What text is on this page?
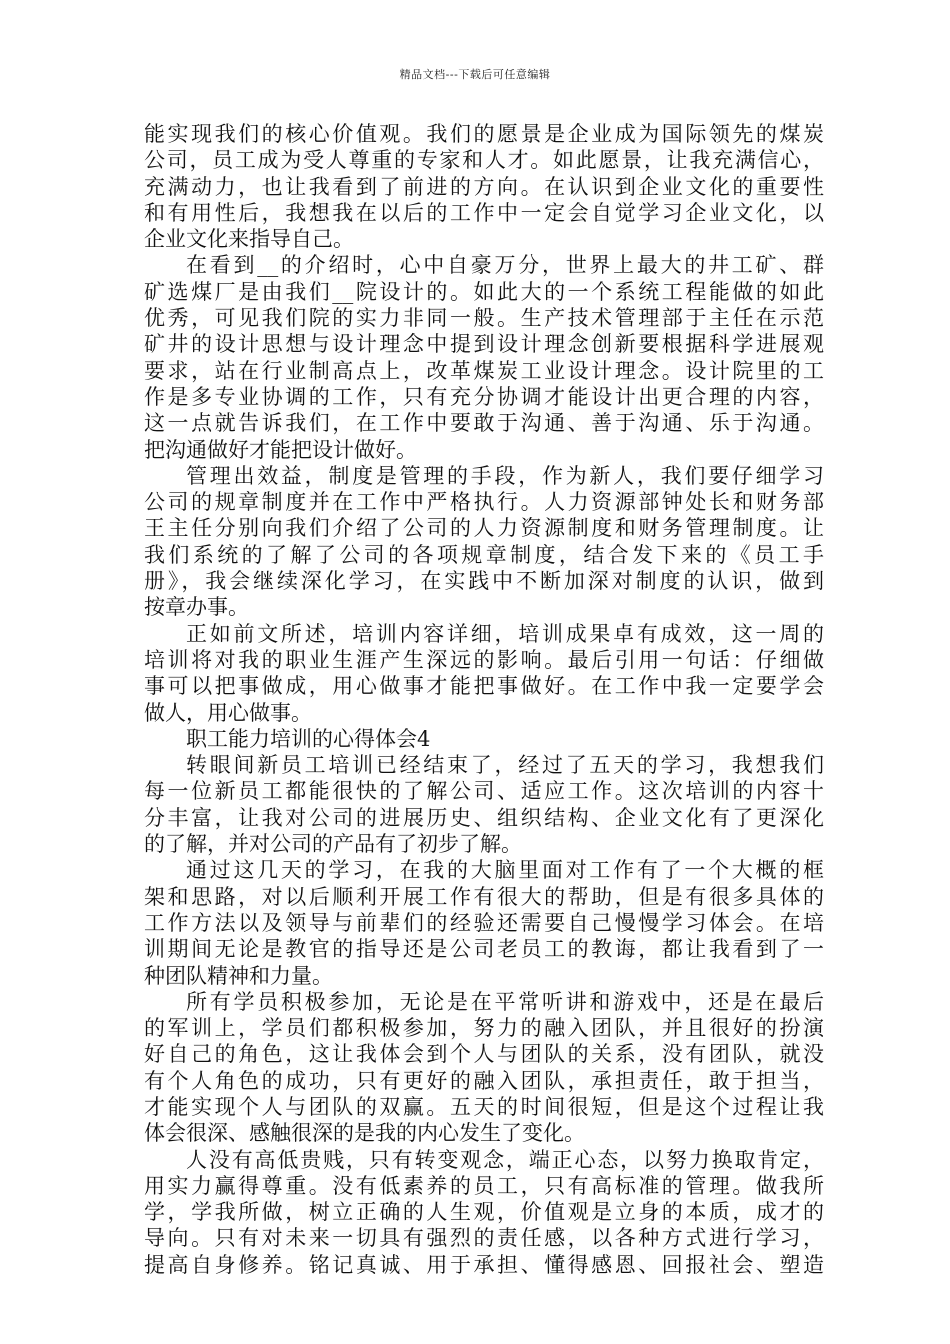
精品文档---下载后可任意编辑
能实现我们的核心价值观。我们的愿景是企业成为国际领先的煤炭
公司，员工成为受人尊重的专家和人才。如此愿景，让我充满信心，
充满动力，也让我看到了前进的方向。在认识到企业文化的重要性
和有用性后，我想我在以后的工作中一定会自觉学习企业文化，以
企业文化来指导自己。
在看到__的介绍时，心中自豪万分，世界上最大的井工矿、群
矿选煤厂是由我们__院设计的。如此大的一个系统工程能做的如此
优秀，可见我们院的实力非同一般。生产技术管理部于主任在示范
矿井的设计思想与设计理念中提到设计理念创新要根据科学进展观
要求，站在行业制高点上，改革煤炭工业设计理念。设计院里的工
作是多专业协调的工作，只有充分协调才能设计出更合理的内容，
这一点就告诉我们，在工作中要敢于沟通、善于沟通、乐于沟通。
把沟通做好才能把设计做好。
管理出效益，制度是管理的手段，作为新人，我们要仔细学习
公司的规章制度并在工作中严格执行。人力资源部钟处长和财务部
王主任分别向我们介绍了公司的人力资源制度和财务管理制度。让
我们系统的了解了公司的各项规章制度，结合发下来的《员工手
册》，我会继续深化学习，在实践中不断加深对制度的认识，做到
按章办事。
正如前文所述，培训内容详细，培训成果卓有成效，这一周的
培训将对我的职业生涯产生深远的影响。最后引用一句话：仔细做
事可以把事做成，用心做事才能把事做好。在工作中我一定要学会
做人，用心做事。
职工能力培训的心得体会4
转眼间新员工培训已经结束了，经过了五天的学习，我想我们
每一位新员工都能很快的了解公司、适应工作。这次培训的内容十
分丰富，让我对公司的进展历史、组织结构、企业文化有了更深化
的了解，并对公司的产品有了初步了解。
通过这几天的学习，在我的大脑里面对工作有了一个大概的框
架和思路，对以后顺利开展工作有很大的帮助，但是有很多具体的
工作方法以及领导与前辈们的经验还需要自己慢慢学习体会。在培
训期间无论是教官的指导还是公司老员工的教诲，都让我看到了一
种团队精神和力量。
所有学员积极参加，无论是在平常听讲和游戏中，还是在最后
的军训上，学员们都积极参加，努力的融入团队，并且很好的扮演
好自己的角色，这让我体会到个人与团队的关系，没有团队，就没
有个人角色的成功，只有更好的融入团队，承担责任，敢于担当，
才能实现个人与团队的双赢。五天的时间很短，但是这个过程让我
体会很深、感触很深的是我的内心发生了变化。
人没有高低贵贱，只有转变观念，端正心态，以努力换取肯定，
用实力赢得尊重。没有低素养的员工，只有高标准的管理。做我所
学，学我所做，树立正确的人生观，价值观是立身的本质，成才的
导向。只有对未来一切具有强烈的责任感，以各种方式进行学习，
提高自身修养。铭记真诚、用于承担、懂得感恩、回报社会、塑造
